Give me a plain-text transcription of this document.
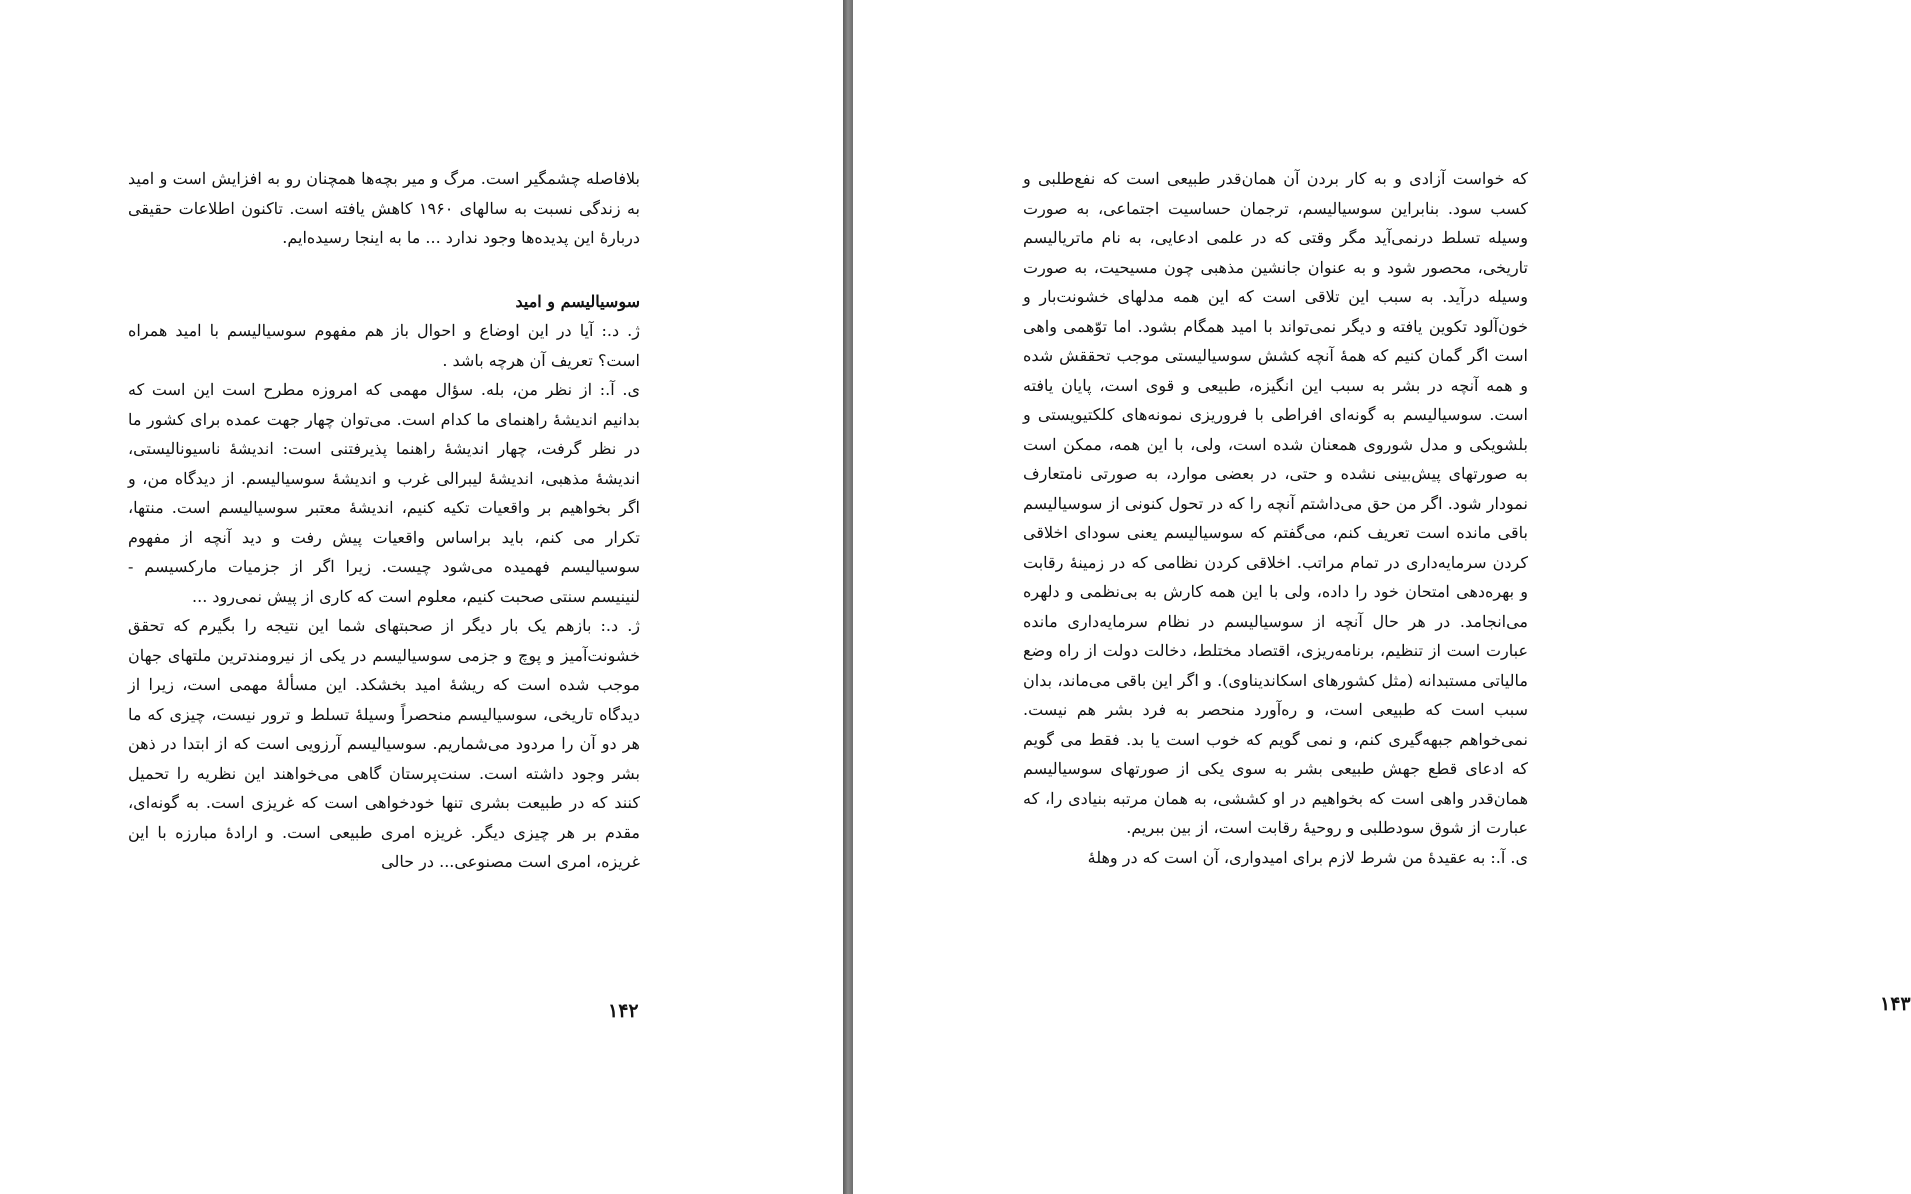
بلافاصله چشمگیر است. مرگ و میر بچه‌ها همچنان رو به افزایش است و امید به زندگی نسبت به سالهای ۱۹۶۰ کاهش یافته است. تاکنون اطلاعات حقیقی دربارهٔ این پدیده‌ها وجود ندارد ... ما به اینجا رسیده‌ایم.

سوسیالیسم و امید

ژ. د.: آیا در این اوضاع و احوال باز هم مفهوم سوسیالیسم با امید همراه است؟ تعریف آن هرچه باشد .

ی. آ.: از نظر من، بله. سؤال مهمی که امروزه مطرح است این است که بدانیم اندیشهٔ راهنمای ما کدام است. می‌توان چهار جهت عمده برای کشور ما در نظر گرفت، چهار اندیشهٔ راهنما پذیرفتنی است: اندیشهٔ ناسیونالیستی، اندیشهٔ مذهبی، اندیشهٔ لیبرالی غرب و اندیشهٔ سوسیالیسم. از دیدگاه من، و اگر بخواهیم بر واقعیات تکیه کنیم، اندیشهٔ معتبر سوسیالیسم است. منتها، تکرار می کنم، باید براساس واقعیات پیش رفت و دید آنچه از مفهوم سوسیالیسم فهمیده می‌شود چیست. زیرا اگر از جزمیات مارکسیسم - لنینیسم سنتی صحبت کنیم، معلوم است که کاری از پیش نمی‌رود ...

ژ. د.: بازهم یک بار دیگر از صحبتهای شما این نتیجه را بگیرم که تحقق خشونت‌آمیز و پوچ و جزمی سوسیالیسم در یکی از نیرومندترین ملتهای جهان موجب شده است که ریشهٔ امید بخشکد. این مسألهٔ مهمی است، زیرا از دیدگاه تاریخی، سوسیالیسم منحصراً وسیلهٔ تسلط و ترور نیست، چیزی که ما هر دو آن را مردود می‌شماریم. سوسیالیسم آرزویی است که از ابتدا در ذهن بشر وجود داشته است. سنت‌پرستان گاهی می‌خواهند این نظریه را تحمیل کنند که در طبیعت بشری تنها خودخواهی است که غریزی است. به گونه‌ای، مقدم بر هر چیزی دیگر. غریزه امری طبیعی است. و ارادهٔ مبارزه با این غریزه، امری است مصنوعی... در حالی

۱۴۲

که خواست آزادی و به کار بردن آن همان‌قدر طبیعی است که نفع‌طلبی و کسب سود. بنابراین سوسیالیسم، ترجمان حساسیت اجتماعی، به صورت وسیله تسلط درنمی‌آید مگر وقتی که در علمی ادعایی، به نام ماتریالیسم تاریخی، محصور شود و به عنوان جانشین مذهبی چون مسیحیت، به صورت وسیله درآید. به سبب این تلاقی است که این همه مدلهای خشونت‌بار و خون‌آلود تکوین یافته و دیگر نمی‌تواند با امید همگام بشود. اما توّهمی واهی است اگر گمان کنیم که همهٔ آنچه کشش سوسیالیستی موجب تحققش شده و همه آنچه در بشر به سبب این انگیزه، طبیعی و قوی است، پایان یافته است. سوسیالیسم به گونه‌ای افراطی با فروریزی نمونه‌های کلکتیویستی و بلشویکی و مدل شوروی همعنان شده است، ولی، با این همه، ممکن است به صورتهای پیش‌بینی نشده و حتی، در بعضی موارد، به صورتی نامتعارف نمودار شود. اگر من حق می‌داشتم آنچه را که در تحول کنونی از سوسیالیسم باقی مانده است تعریف کنم، می‌گفتم که سوسیالیسم یعنی سودای اخلاقی کردن سرمایه‌داری در تمام مراتب. اخلاقی کردن نظامی که در زمینهٔ رقابت و بهره‌دهی امتحان خود را داده، ولی با این همه کارش به بی‌نظمی و دلهره می‌انجامد. در هر حال آنچه از سوسیالیسم در نظام سرمایه‌داری مانده عبارت است از تنظیم، برنامه‌ریزی، اقتصاد مختلط، دخالت دولت از راه وضع مالیاتی مستبدانه (مثل کشورهای اسکاندیناوی). و اگر این باقی می‌ماند، بدان سبب است که طبیعی است، و ره‌آورد منحصر به فرد بشر هم نیست. نمی‌خواهم جبهه‌گیری کنم، و نمی گویم که خوب است یا بد. فقط می گویم که ادعای قطع جهش طبیعی بشر به سوی یکی از صورتهای سوسیالیسم همان‌قدر واهی است که بخواهیم در او کششی، به همان مرتبه بنیادی را، که عبارت از شوق سودطلبی و روحیهٔ رقابت است، از بین ببریم.

ی. آ.: به عقیدهٔ من شرط لازم برای امیدواری، آن است که در وهلهٔ

۱۴۳
